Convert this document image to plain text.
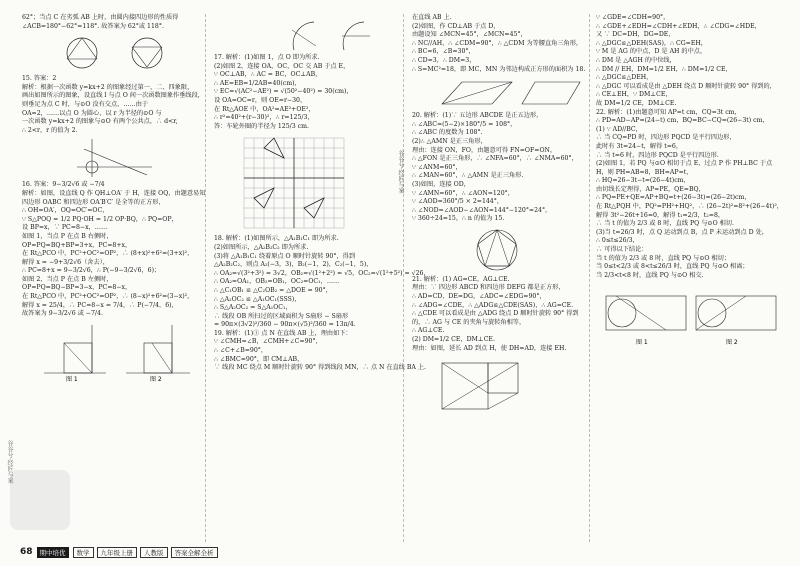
62°；当点 C 在劣弧 AB 上时，由圆内接四边形的性质得
∠ACB=180°−62°=118°. 故答案为 62°或 118°.
15. 答案：2
解析：根据一次函数 y=kx+2 的图象经过第一、二、四象限，
画出如图所示的图象，设直线 l 与点 O 间一次函数图象作垂线段，
则垂足为点 C 时，与⊙O 没有交点，……由于
OA=2，……以点 O 为圆心、以 r 为半径的⊙O 与
一次函数 y=kx+2 的图象与⊙O 有两个公共点，∴ d<r,
∴ 2<r，r 的值为 2.
16. 答案：9−3/2√6 或 −7/4
解析：如图，设直线 Q 作 QH⊥OA′ 于 H，连接 OQ，由题意易知
四边形 OABC 和四边形 OA′B′C′ 是全等的正方形，
∴ OH=OA′，OQ=OC′=OC，
∵ S△POQ = 1/2 PQ·OH = 1/2 OP·BQ，∴ PQ=OP，
设 BP=x，∵ PC=8−x，……
如图 1，当点 P 在点 B 右侧时，
OP=PQ=BQ+BP=3+x，PC=8+x，
在 Rt△PCO 中，PC²+OC²=OP²，∴ (8+x)²+6²=(3+x)²，
解得 x = −9+3/2√6（舍去），
∴ PC=8+x = 9−3/2√6，∴ P(−9−3/2√6，6)；
如图 2，当点 P 在点 B 左侧时，
OP=PQ=BQ−BP=3−x，PC=8−x，
在 Rt△PCO 中，PC²+OC²=OP²，∴ (8−x)²+6²=(3−x)²，
解得 x = 25/4，∴ PC=8−x = 7/4，∴ P(−7/4，6)，
故答案为 9−3/2√6 或 −7/4.
图 1	图 2
17. 解析：(1)如图 1，点 O 即为所求.
(2)如图 2，连接 OA，OC，OC 交 AB 于点 E，
∵ OC⊥AB，∴ AC = BC，OC⊥AB，
∴ AE=EB=1/2AB=40(cm)，
∵ EC=√(AC²−AE²) = √(50²−40²) = 30(cm)，
设 OA=OC=r，则 OE=r−30，
在 Rt△AOE 中，OA²=AE²+OE²，
∴ r²=40²+(r−30)²，∴ r=125/3，
答：车轮外圈的半径为 125/3 cm.
18. 解析：(1)如图所示，△A₁B₁C₁ 即为所求.
(2)如图所示，△A₂B₂C₂ 即为所求.
(3)将 △A₁B₁C₁ 绕着原点 O 顺时针旋转 90°，得到
△A₂B₂C₂，则点 A₂(−3，3)，B₂(−1，2)，C₂(−1，5)，
∴ OA₂=√(3²+3²) = 3√2，OB₂=√(1²+2²) = √5，OC₂=√(1²+5²) = √26，
∴ OA₂=OA₁，OB₂=OB₁，OC₂=OC₁，……
∴ △C₁OB₁ ≌ △C₂OB₂ = △DOE = 90°，
∴ △A₂OC₂ ≌ △A₁OC₁(SSS)，
∴ S△A₂OC₂ = S△A₁OC₁，
∴ 线段 OB 所扫过的区域面积为 S扇形 − S扇形
= 90π×(3√2)²/360 − 90π×(√5)²/360 = 13π/4.
19. 解析：(1)① 点 N 在直线 AB 上，理由如下：
∵ ∠CMH=∠B，∠CMH+∠C=90°，
∴ ∠C+∠B=90°，
∴ ∠BMC=90°，即 CM⊥AB，
∵ 线段 MC 绕点 M 顺时针旋转 90° 得到线段 MN，∴ 点 N 在直线 BA 上.
谷谷兮·经匠与案
在直线 AB 上.
(2)如图，作 CD⊥AB 于点 D，
由题设知 ∠MCN=45°，∠MCN=45°，
∴ NC//AH，∴ ∠CDM=90°，∴ △CDM 为等腰直角三角形，
∴ BC=6，∠B=30°，
∴ CD=3，∴ DM=3，
∴ S=MC²=18，即 MC，MN 为邻边构成正方形的面积为 18.
20. 解析：(1)∵ 五边形 ABCDE 是正五边形，
∴ ∠ABC=(5−2)×180°/5 = 108°，
∴ ∠ABC 的度数为 108°.
(2)∴ △AMN 是正三角形，
理由：连接 ON，FO，由题意可得 FN=OF=ON，
∴ △FON 是正三角形，∴ ∠NFA=60°，∴ ∠NMA=60°，
∵ ∠ANM=60°，
∴ ∠MAN=60°，∴ △AMN 是正三角形.
(3)如图，连接 OD，
∵ ∠AMN=60°，∴ ∠AON=120°，
∵ ∠AOD=360°/5 × 2=144°，
∴ ∠NOD=∠AOD−∠AON=144°−120°=24°，
∵ 360÷24=15，∴ n 的值为 15.
21. 解析：(1) AG=CE，AG⊥CE.
理由：∵ 四边形 ABCD 和四边形 DEFG 都是正方形，
∴ AD=CD，DE=DG，∠ADC=∠EDG=90°，
∴ ∠ADG=∠CDE，∴ △ADG≌△CDE(SAS)，∴ AG=CE.
∴ △CDE 可以看成是由 △ADG 绕点 D 顺时针旋转 90° 得到
的，∴ AG 与 CE 的夹角与旋转角相等，
∴ AG⊥CE.
(2) DM=1/2 CE，DM⊥CE.
理由：如图，延长 AD 到点 H，使 DH=AD，连接 EH.
∵ ∠GDE=∠CDH=90°，
∴ ∠GDE+∠EDH=∠CDH+∠EDH，∴ ∠CDG=∠HDE，
又 ∵ DC=DH，DG=DE，
∴ △DGC≌△DEH(SAS)，∴ CG=EH，
∵ M 是 AG 的中点，D 是 AH 的中点，
∴ DM 是 △AGH 的中位线，
∴ DM // EH，DM=1/2 EH，∴ DM=1/2 CE，
∴ △DGC≌△DEH，
∴ △DGC 可以看成是由 △DEH 绕点 D 顺时针旋转 90° 得到的，
∴ CE⊥EH，∵ DM⊥CE，
故 DM=1/2 CE，DM⊥CE.
22. 解析：(1)由题意可知 AP=t cm，CQ=3t cm，
∴ PD=AD−AP=(24−t) cm，BQ=BC−CQ=(26−3t) cm，
(1) ∵ AD//BC，
∴ 当 CQ=PD 时，四边形 PQCD 是平行四边形，
此时有 3t=24−t，解得 t=6，
∴ 当 t=6 时，四边形 PQCD 是平行四边形.
(2)如图 1，若 PQ 与⊙O 相切于点 E，过点 P 作 PH⊥BC 于点
H，则 PH=AB=8，BH=AP=t，
∴ HQ=26−3t−t=(26−4t)cm，
由切线长定理得，AP=PE，QE=BQ，
∴ PQ=PE+QE=AP+BQ=t+(26−3t)=(26−2t)cm，
在 Rt△PQH 中，PQ²=PH²+HQ²，∴ (26−2t)²=8²+(26−4t)²，
解得 3t²−26t+16=0，解得 t₁=2/3，t₂=8，
∴ 当 t 的值为 2/3 或 8 时，直线 PQ 与⊙O 相切.
(3)当 t=26/3 时，点 Q 运动到点 B，点 P 未运动到点 D 处，
∴ 0≤t≤26/3，
∴ 可得以下结论：
当 t 的值为 2/3 或 8 时，直线 PQ 与⊙O 相切；
当 0≤t<2/3 或 8<t≤26/3 时，直线 PQ 与⊙O 相离；
当 2/3<t<8 时，直线 PQ 与⊙O 相交.
图 1	图 2
谷谷兮·经匠与案
68	期中培优	数学	九年级上册	人教版	答案全解全析
